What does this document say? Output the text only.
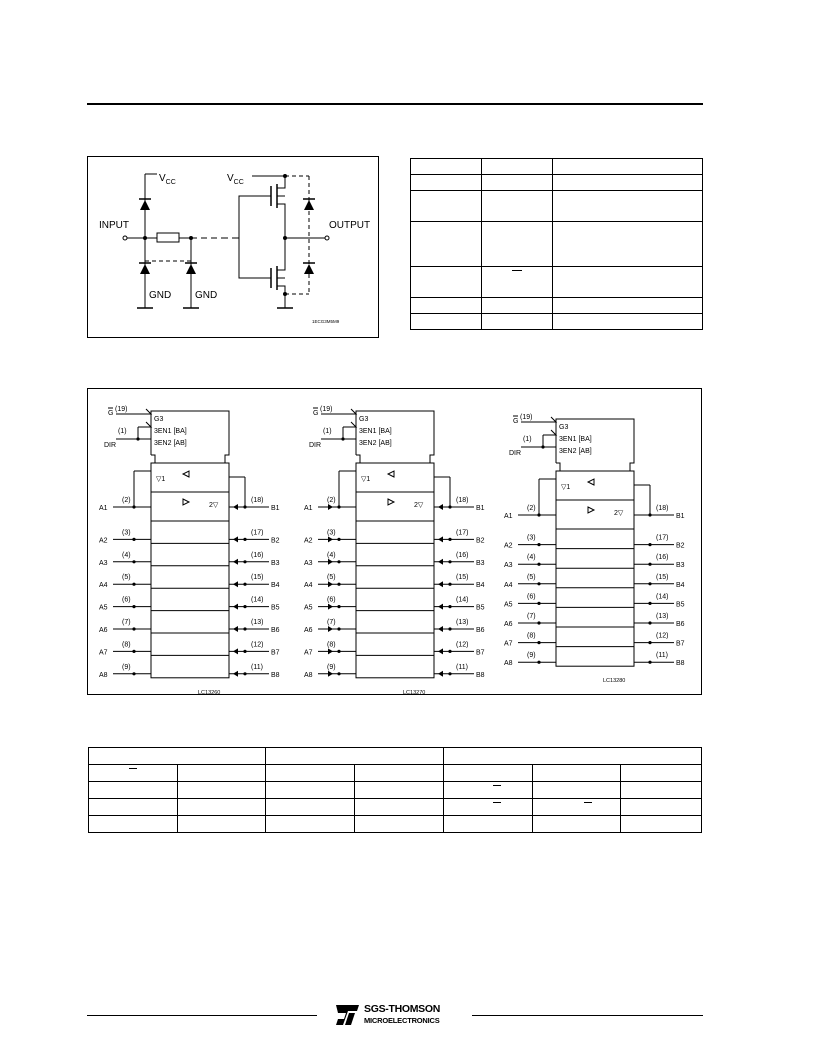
$V_{CC}$
INPUT
GND GND
$V_{CC}$
OUTPUT
1ECG3M5M9

G3
3EN1 [BA]
3EN2 [AB]
G
(19)
(1)
DIR
▽1
2▽
A1
(2)
B1
(18)
A2
(3)
B2
(17)
A3
(4)
B3
(16)
A4
(5)
B4
(15)
A5
(6)
B5
(14)
A6
(7)
B6
(13)
A7
(8)
B7
(12)
A8
(9)
B8
(11)
LC13260
G3
3EN1 [BA]
3EN2 [AB]
G
(19)
(1)
DIR
▽1
2▽
A1
(2)
B1
(18)
A2
(3)
B2
(17)
A3
(4)
B3
(16)
A4
(5)
B4
(15)
A5
(6)
B5
(14)
A6
(7)
B6
(13)
A7
(8)
B7
(12)
A8
(9)
B8
(11)
LC13270
G3
3EN1 [BA]
3EN2 [AB]
G
(19)
(1)
DIR
▽1
2▽
A1
(2)
B1
(18)
A2
(3)
B2
(17)
A3
(4)
B3
(16)
A4
(5)
B4
(15)
A5
(6)
B5
(14)
A6
(7)
B6
(13)
A7
(8)
B7
(12)
A8
(9)
B8
(11)
LC13280

SGS-THOMSON
MICROELECTRONICS
